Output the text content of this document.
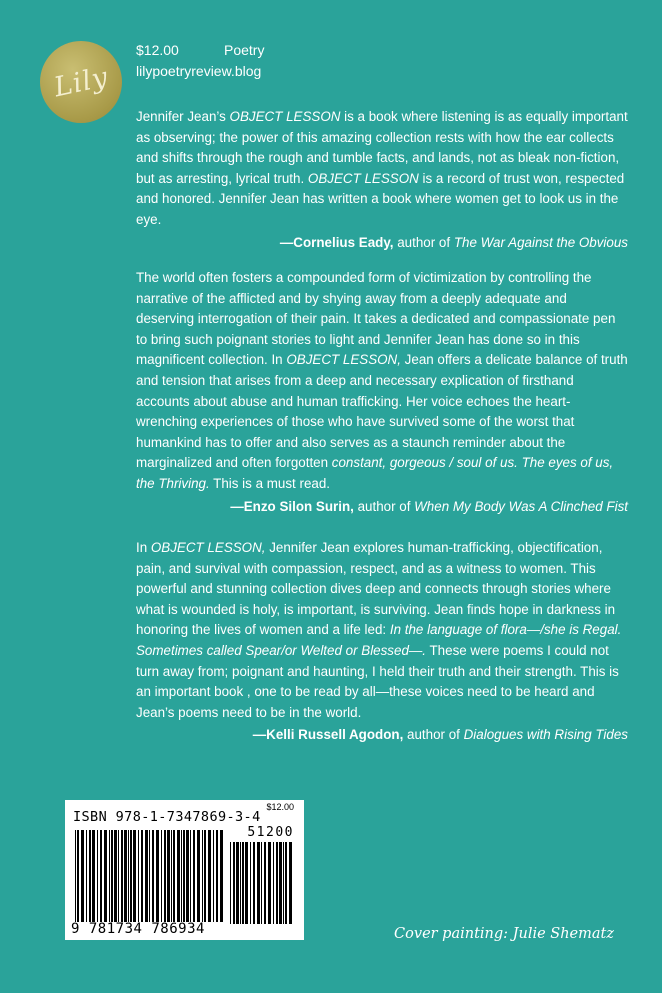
Lily
$12.00	Poetry
lilypoetryreview.blog

Jennifer Jean’s OBJECT LESSON is a book where listening is as equally important as observing; the power of this amazing collection rests with how the ear collects and shifts through the rough and tumble facts, and lands, not as bleak non-fiction, but as arresting, lyrical truth. OBJECT LESSON is a record of trust won, respected and honored. Jennifer Jean has written a book where women get to look us in the eye.

—Cornelius Eady, author of The War Against the Obvious

The world often fosters a compounded form of victimization by controlling the narrative of the afflicted and by shying away from a deeply adequate and deserving interrogation of their pain. It takes a dedicated and compassionate pen to bring such poignant stories to light and Jennifer Jean has done so in this magnificent collection. In OBJECT LESSON, Jean offers a delicate balance of truth and tension that arises from a deep and necessary explication of firsthand accounts about abuse and human trafficking. Her voice echoes the heart-wrenching experiences of those who have survived some of the worst that humankind has to offer and also serves as a staunch reminder about the marginalized and often forgotten constant, gorgeous / soul of us. The eyes of us, the Thriving. This is a must read.

—Enzo Silon Surin, author of When My Body Was A Clinched Fist

In OBJECT LESSON, Jennifer Jean explores human-trafficking, objectification, pain, and survival with compassion, respect, and as a witness to women. This powerful and stunning collection dives deep and connects through stories where what is wounded is holy, is important, is surviving. Jean finds hope in darkness in honoring the lives of women and a life led: In the language of flora—/she is Regal. Sometimes called Spear/or Welted or Blessed—. These were poems I could not turn away from; poignant and haunting, I held their truth and their strength. This is an important book , one to be read by all—these voices need to be heard and Jean’s poems need to be in the world.

—Kelli Russell Agodon, author of Dialogues with Rising Tides
ISBN 978-1-7347869-3-4
$12.00
51200
9 781734 786934	Cover painting: Julie Shematz
